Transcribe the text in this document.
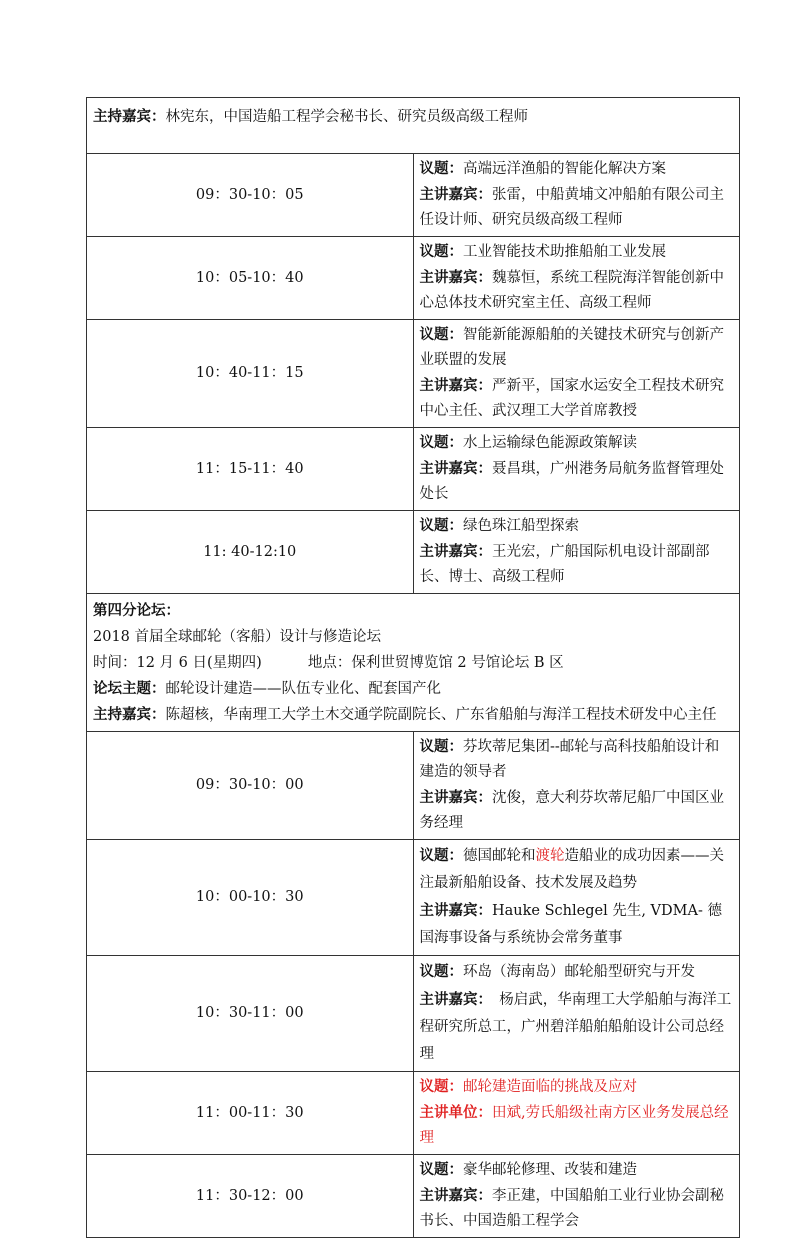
主持嘉宾：林宪东，中国造船工程学会秘书长、研究员级高级工程师	
09：30-10：05	议题：高端远洋渔船的智能化解决方案
主讲嘉宾：张雷，中船黄埔文冲船舶有限公司主任设计师、研究员级高级工程师
10：05-10：40	议题：工业智能技术助推船舶工业发展
主讲嘉宾：魏慕恒，系统工程院海洋智能创新中心总体技术研究室主任、高级工程师
10：40-11：15	议题：智能新能源船舶的关键技术研究与创新产业联盟的发展
主讲嘉宾：严新平，国家水运安全工程技术研究中心主任、武汉理工大学首席教授
11：15-11：40	议题：水上运输绿色能源政策解读
主讲嘉宾：聂昌琪，广州港务局航务监督管理处处长
11: 40-12:10	议题：绿色珠江船型探索
主讲嘉宾：王光宏，广船国际机电设计部副部长、博士、高级工程师

第四分论坛：
2018 首届全球邮轮（客船）设计与修造论坛
时间：12 月 6 日(星期四) 地点：保利世贸博览馆 2 号馆论坛 B 区
论坛主题：邮轮设计建造——队伍专业化、配套国产化
主持嘉宾：陈超核，华南理工大学土木交通学院副院长、广东省船舶与海洋工程技术研发中心主任	

09：30-10：00	议题：芬坎蒂尼集团--邮轮与高科技船舶设计和建造的领导者
主讲嘉宾：沈俊，意大利芬坎蒂尼船厂中国区业务经理
10：00-10：30	议题：德国邮轮和渡轮造船业的成功因素——关注最新船舶设备、技术发展及趋势
主讲嘉宾：Hauke Schlegel 先生, VDMA- 德国海事设备与系统协会常务董事
10：30-11：00	议题：环岛（海南岛）邮轮船型研究与开发
主讲嘉宾：　杨启武，华南理工大学船舶与海洋工程研究所总工，广州碧洋船舶船舶设计公司总经理
11：00-11：30	议题：邮轮建造面临的挑战及应对
主讲单位：田斌,劳氏船级社南方区业务发展总经理
11：30-12：00	议题：豪华邮轮修理、改装和建造
主讲嘉宾：李正建，中国船舶工业行业协会副秘书长、中国造船工程学会
